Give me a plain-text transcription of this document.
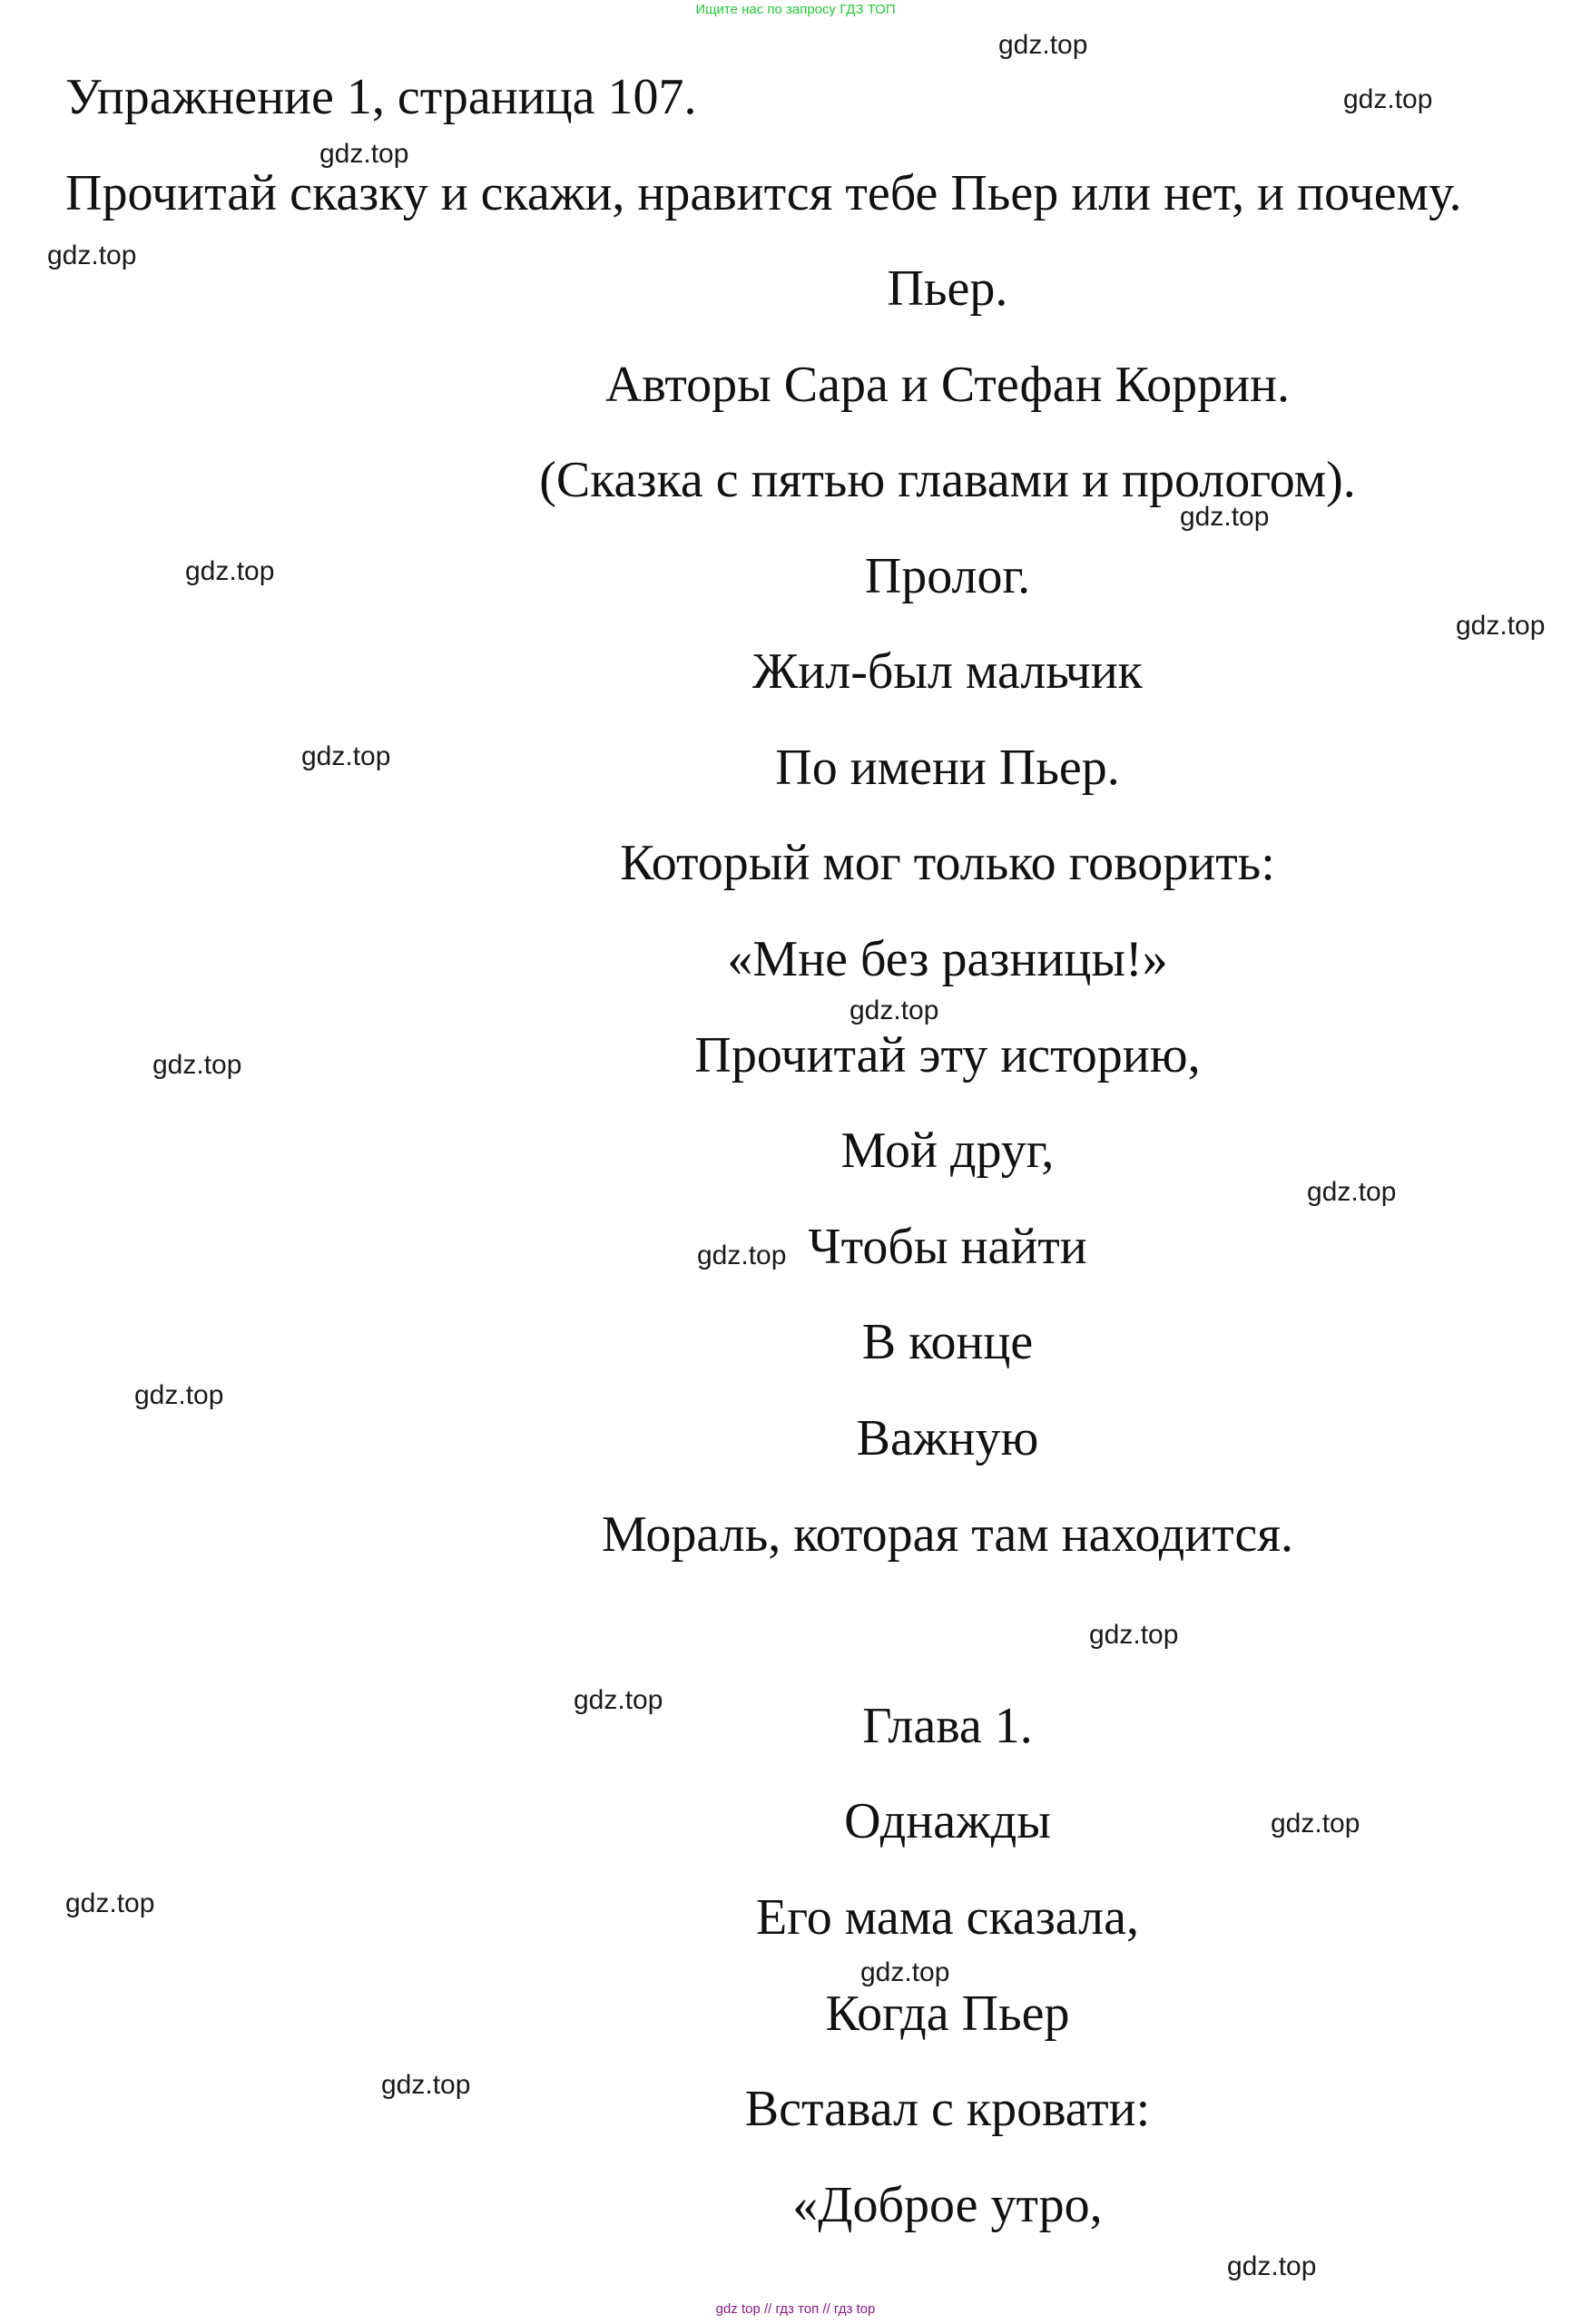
Ищите нас по запросу ГДЗ ТОП
Упражнение 1, страница 107.
Прочитай сказку и скажи, нравится тебе Пьер или нет, и почему.
Пьер.
Авторы Сара и Стефан Коррин.
(Сказка с пятью главами и прологом).
Пролог.
Жил-был мальчик
По имени Пьер.
Который мог только говорить:
«Мне без разницы!»
Прочитай эту историю,
Мой друг,
Чтобы найти
В конце
Важную
Мораль, которая там находится.
Глава 1.
Однажды
Его мама сказала,
Когда Пьер
Вставал с кровати:
«Доброе утро,
gdz.top
gdz.top
gdz.top
gdz.top
gdz.top
gdz.top
gdz.top
gdz.top
gdz.top
gdz.top
gdz.top
gdz.top
gdz.top
gdz.top
gdz.top
gdz.top
gdz.top
gdz.top
gdz.top
gdz.top
gdz top // гдз топ // гдз top
